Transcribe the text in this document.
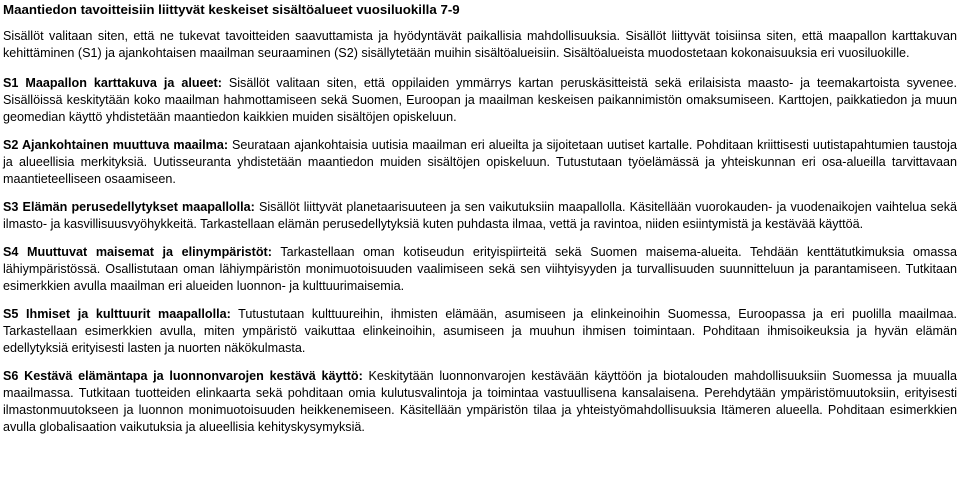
Maantiedon tavoitteisiin liittyvät keskeiset sisältöalueet vuosiluokilla 7-9

Sisällöt valitaan siten, että ne tukevat tavoitteiden saavuttamista ja hyödyntävät paikallisia mahdollisuuksia. Sisällöt liittyvät toisiinsa siten, että maapallon karttakuvan kehittäminen (S1) ja ajankohtaisen maailman seuraaminen (S2) sisällytetään muihin sisältöalueisiin. Sisältöalueista muodostetaan kokonaisuuksia eri vuosiluokille.

S1 Maapallon karttakuva ja alueet: Sisällöt valitaan siten, että oppilaiden ymmärrys kartan peruskäsitteistä sekä erilaisista maasto- ja teemakartoista syvenee. Sisällöissä keskitytään koko maailman hahmottamiseen sekä Suomen, Euroopan ja maailman keskeisen paikannimistön omaksumiseen. Karttojen, paikkatiedon ja muun geomedian käyttö yhdistetään maantiedon kaikkien muiden sisältöjen opiskeluun.

S2 Ajankohtainen muuttuva maailma: Seurataan ajankohtaisia uutisia maailman eri alueilta ja sijoitetaan uutiset kartalle. Pohditaan kriittisesti uutistapahtumien taustoja ja alueellisia merkityksiä. Uutisseuranta yhdistetään maantiedon muiden sisältöjen opiskeluun. Tutustutaan työelämässä ja yhteiskunnan eri osa-alueilla tarvittavaan maantieteelliseen osaamiseen.

S3 Elämän perusedellytykset maapallolla: Sisällöt liittyvät planetaarisuuteen ja sen vaikutuksiin maapallolla. Käsitellään vuorokauden- ja vuodenaikojen vaihtelua sekä ilmasto- ja kasvillisuusvyöhykkeitä. Tarkastellaan elämän perusedellytyksiä kuten puhdasta ilmaa, vettä ja ravintoa, niiden esiintymistä ja kestävää käyttöä.

S4 Muuttuvat maisemat ja elinympäristöt: Tarkastellaan oman kotiseudun erityispiirteitä sekä Suomen maisema-alueita. Tehdään kenttätutkimuksia omassa lähiympäristössä. Osallistutaan oman lähiympäristön monimuotoisuuden vaalimiseen sekä sen viihtyisyyden ja turvallisuuden suunnitteluun ja parantamiseen. Tutkitaan esimerkkien avulla maailman eri alueiden luonnon- ja kulttuurimaisemia.

S5 Ihmiset ja kulttuurit maapallolla: Tutustutaan kulttuureihin, ihmisten elämään, asumiseen ja elinkeinoihin Suomessa, Euroopassa ja eri puolilla maailmaa. Tarkastellaan esimerkkien avulla, miten ympäristö vaikuttaa elinkeinoihin, asumiseen ja muuhun ihmisen toimintaan. Pohditaan ihmisoikeuksia ja hyvän elämän edellytyksiä erityisesti lasten ja nuorten näkökulmasta.

S6 Kestävä elämäntapa ja luonnonvarojen kestävä käyttö: Keskitytään luonnonvarojen kestävään käyttöön ja biotalouden mahdollisuuksiin Suomessa ja muualla maailmassa. Tutkitaan tuotteiden elinkaarta sekä pohditaan omia kulutusvalintoja ja toimintaa vastuullisena kansalaisena. Perehdytään ympäristömuutoksiin, erityisesti ilmastonmuutokseen ja luonnon monimuotoisuuden heikkenemiseen. Käsitellään ympäristön tilaa ja yhteistyömahdollisuuksia Itämeren alueella. Pohditaan esimerkkien avulla globalisaation vaikutuksia ja alueellisia kehityskysymyksiä.
